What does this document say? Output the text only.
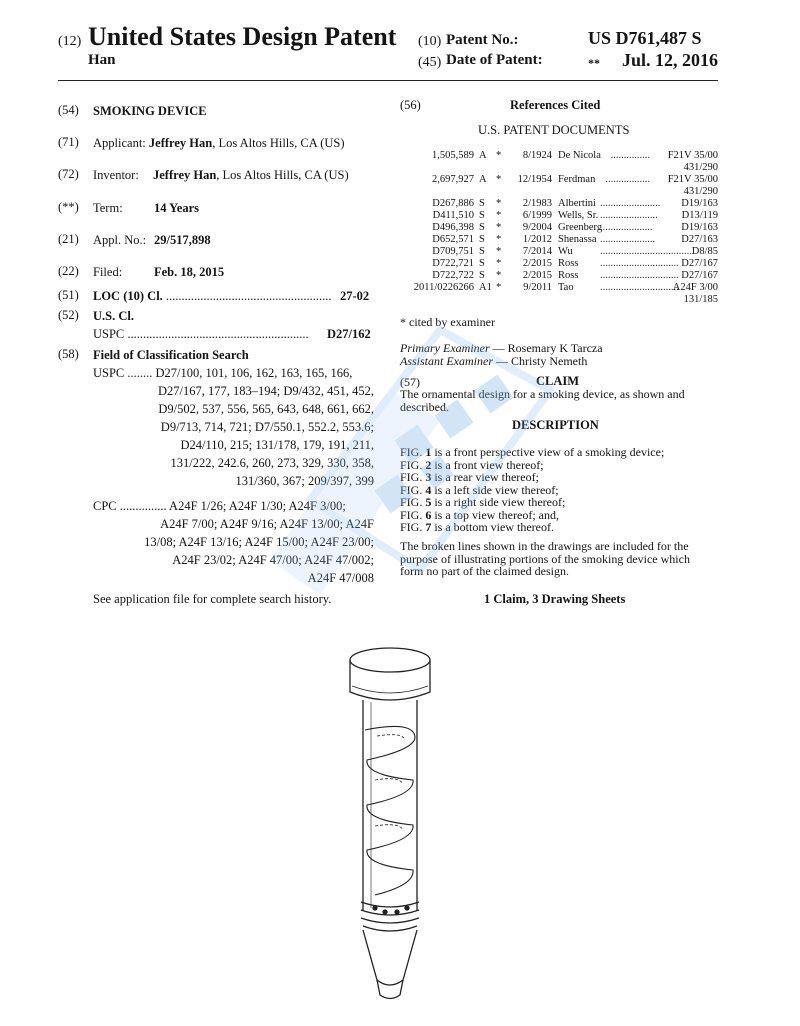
(12) United States Design Patent
Han
(10) Patent No.:	US D761,487 S
(45) Date of Patent:	** Jul. 12, 2016
(54) SMOKING DEVICE
(71) Applicant: Jeffrey Han, Los Altos Hills, CA (US)
(72) Inventor: Jeffrey Han, Los Altos Hills, CA (US)
(**) Term:	14 Years
(21) Appl. No.: 29/517,898
(22) Filed:	Feb. 18, 2015
(51) LOC (10) Cl. ..................................................... 27-02
(52) U.S. Cl.
USPC ..........................................................	D27/162
(58) Field of Classification Search
USPC ........ D27/100, 101, 106, 162, 163, 165, 166,
D27/167, 177, 183–194; D9/432, 451, 452,
D9/502, 537, 556, 565, 643, 648, 661, 662,
D9/713, 714, 721; D7/550.1, 552.2, 553.6;
D24/110, 215; 131/178, 179, 191, 211,
131/222, 242.6, 260, 273, 329, 330, 358,
131/360, 367; 209/397, 399
CPC ............... A24F 1/26; A24F 1/30; A24F 3/00;
A24F 7/00; A24F 9/16; A24F 13/00; A24F
13/08; A24F 13/16; A24F 15/00; A24F 23/00;
A24F 23/02; A24F 47/00; A24F 47/002;
A24F 47/008
See application file for complete search history.
(56)	References Cited
U.S. PATENT DOCUMENTS
1,505,589 A *	8/1924 De Nicola	F21V 35/00
...............
431/290
2,697,927 A *	12/1954 Ferdman	F21V 35/00
.................
431/290
D267,886 S	*	2/1983 Albertini	D19/163
.......................
D411,510 S	*	6/1999 Wells, Sr.	D13/119
......................
D496,398 S	*	9/2004 Greenberg	D19/163
....................
D652,571 S	*	1/2012 Shenassa	D27/163
.....................
D709,751 S	*	7/2014 Wu	D8/85
....................................
D722,721 S	*	2/2015 Ross	D27/167
..............................
D722,722 S	*	2/2015 Ross	D27/167
..............................
2011/0226266 A1 *	9/2011 Tao	A24F 3/00
..............................
131/185
* cited by examiner
Primary Examiner — Rosemary K Tarcza
Assistant Examiner — Christy Nemeth
(57)	CLAIM
The ornamental design for a smoking device, as shown and
described.
DESCRIPTION
FIG. 1 is a front perspective view of a smoking device;
FIG. 2 is a front view thereof;
FIG. 3 is a rear view thereof;
FIG. 4 is a left side view thereof;
FIG. 5 is a right side view thereof;
FIG. 6 is a top view thereof; and,
FIG. 7 is a bottom view thereof.
The broken lines shown in the drawings are included for the
purpose of illustrating portions of the smoking device which
form no part of the claimed design.
1 Claim, 3 Drawing Sheets
